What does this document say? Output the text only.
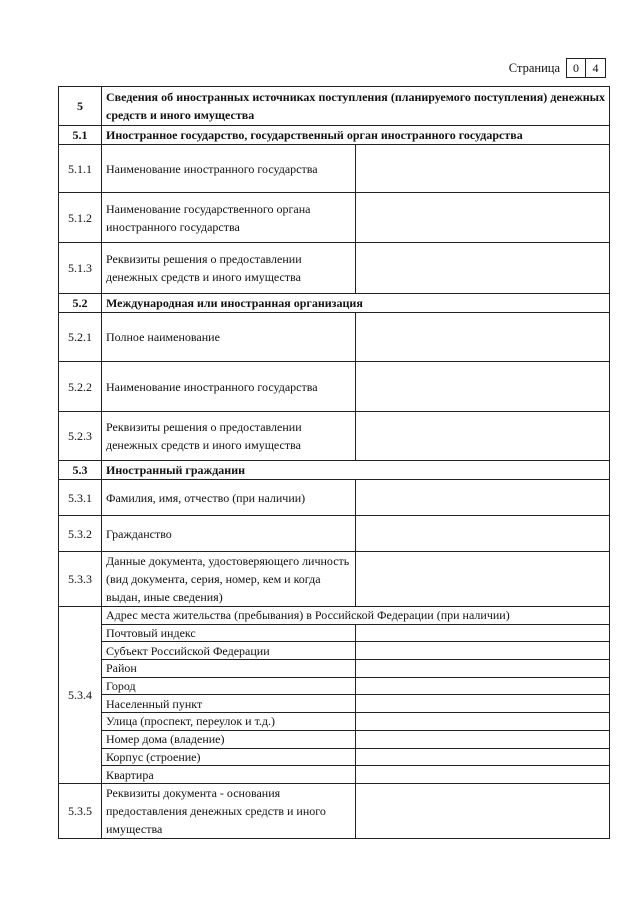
Страница	0	4
5	Сведения об иностранных источниках поступления (планируемого поступления) денежных средств и иного имущества	
5.1	Иностранное государство, государственный орган иностранного государства	
5.1.1	Наименование иностранного государства	
5.1.2	Наименование государственного органа иностранного государства	
5.1.3	Реквизиты решения о предоставлении денежных средств и иного имущества	
5.2	Международная или иностранная организация	
5.2.1	Полное наименование	
5.2.2	Наименование иностранного государства	
5.2.3	Реквизиты решения о предоставлении денежных средств и иного имущества	
5.3	Иностранный гражданин	
5.3.1	Фамилия, имя, отчество (при наличии)	
5.3.2	Гражданство	
5.3.3	Данные документа, удостоверяющего личность (вид документа, серия, номер, кем и когда выдан, иные сведения)	
5.3.4	Адрес места жительства (пребывания) в Российской Федерации (при наличии)	
	Почтовый индекс	
	Субъект Российской Федерации	
	Район	
	Город	
	Населенный пункт	
	Улица (проспект, переулок и т.д.)	
	Номер дома (владение)	
	Корпус (строение)	
	Квартира	
5.3.5	Реквизиты документа - основания предоставления денежных средств и иного имущества	
